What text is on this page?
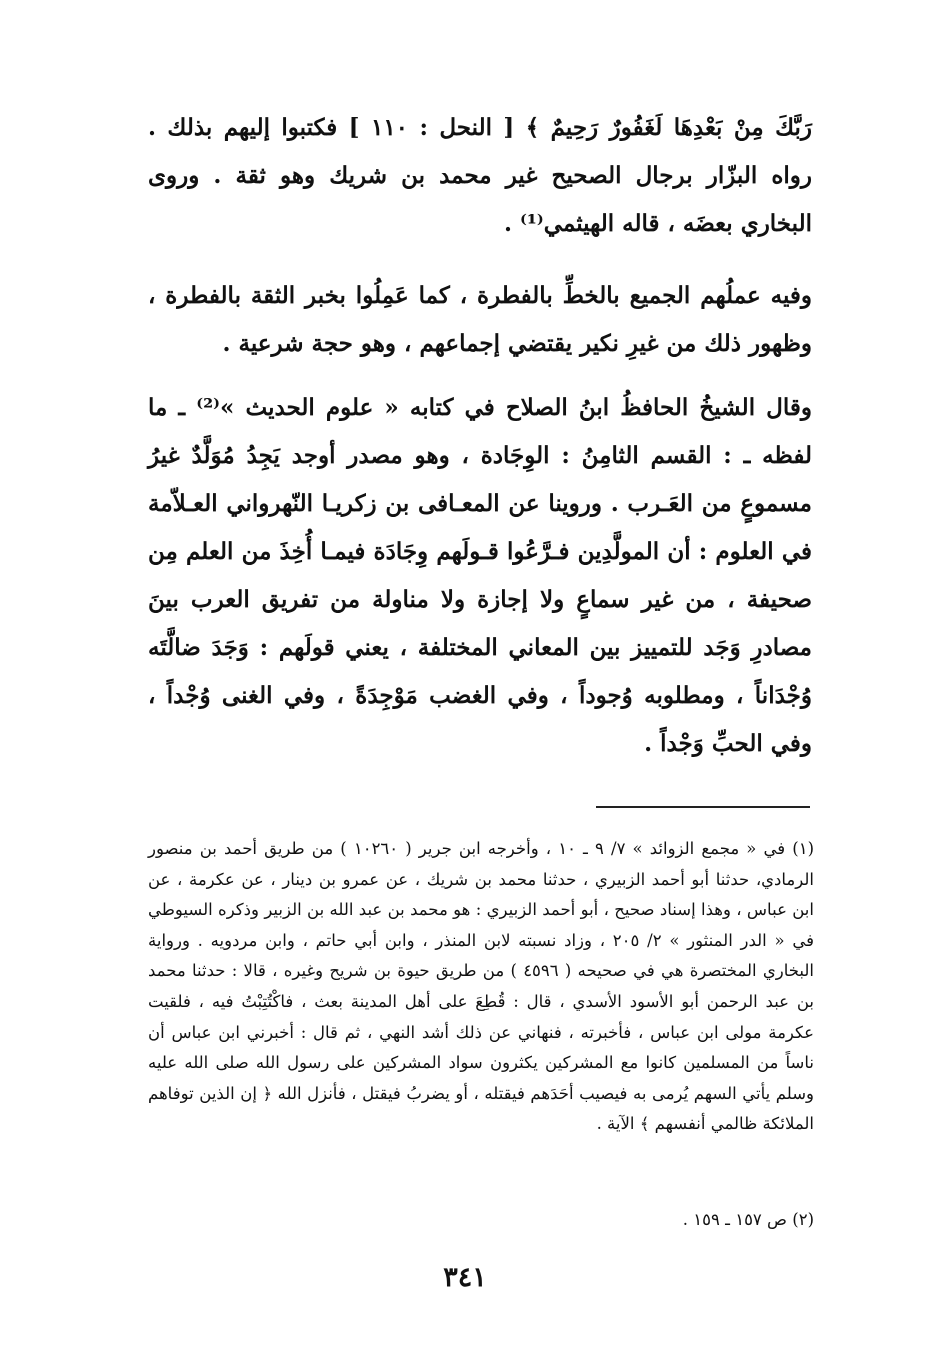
رَبَّكَ مِنْ بَعْدِهَا لَغَفُورٌ رَحِيمٌ ﴾ [ النحل : ١١٠ ] فكتبوا إليهم بذلك . رواه البزّار برجال الصحيح غير محمد بن شريك وهو ثقة . وروى البخاري بعضَه ، قاله الهيثمي⁽¹⁾ .

وفيه عملُهم الجميع بالخطِّ بالفطرة ، كما عَمِلُوا بخبر الثقة بالفطرة ، وظهور ذلك من غيرِ نكير يقتضي إجماعهم ، وهو حجة شرعية .

وقال الشيخُ الحافظُ ابنُ الصلاح في كتابه « علوم الحديث »⁽²⁾ ـ ما لفظه ـ : القسم الثامِنُ : الوِجَادة ، وهو مصدر أوجد يَجِدُ مُوَلَّدٌ غيرُ مسموعٍ من العَـرب . وروينا عن المعـافى بن زكريـا النّهرواني العـلاّمة في العلوم : أن المولَّدِين فـرَّعُوا قـولَهم وِجَادَة فيمـا أُخِذَ من العلم مِن صحيفة ، من غير سماعٍ ولا إجازة ولا مناولة من تفريق العرب بينَ مصادرِ وَجَد للتمييز بين المعاني المختلفة ، يعني قولَهم : وَجَدَ ضالَّتَه وُجْدَاناً ، ومطلوبه وُجوداً ، وفي الغضب مَوْجِدَةً ، وفي الغنى وُجْداً ، وفي الحبِّ وَجْداً .

(١) في « مجمع الزوائد » ٧/ ٩ ـ ١٠ ، وأخرجه ابن جرير ( ١٠٢٦٠ ) من طريق أحمد بن منصور الرمادي، حدثنا أبو أحمد الزبيري ، حدثنا محمد بن شريك ، عن عمرو بن دينار ، عن عكرمة ، عن ابن عباس ، وهذا إسناد صحيح ، أبو أحمد الزبيري : هو محمد بن عبد الله بن الزبير وذكره السيوطي في « الدر المنثور » ٢/ ٢٠٥ ، وزاد نسبته لابن المنذر ، وابن أبي حاتم ، وابن مردويه . ورواية البخاري المختصرة هي في صحيحه ( ٤٥٩٦ ) من طريق حيوة بن شريح وغيره ، قالا : حدثنا محمد بن عبد الرحمن أبو الأسود الأسدي ، قال : قُطِعَ على أهل المدينة بعث ، فاكْتُتِبْتُ فيه ، فلقيت عكرمة مولى ابن عباس ، فأخبرته ، فنهاني عن ذلك أشد النهي ، ثم قال : أخبرني ابن عباس أن ناساً من المسلمين كانوا مع المشركين يكثرون سواد المشركين على رسول الله صلى الله عليه وسلم يأتي السهم يُرمى به فيصيب أحَدَهم فيقتله ، أو يضربُ فيقتل ، فأنزل الله ﴿ إن الذين توفاهم الملائكة ظالمي أنفسهم ﴾ الآية .

(٢) ص ١٥٧ ـ ١٥٩ .

٣٤١
